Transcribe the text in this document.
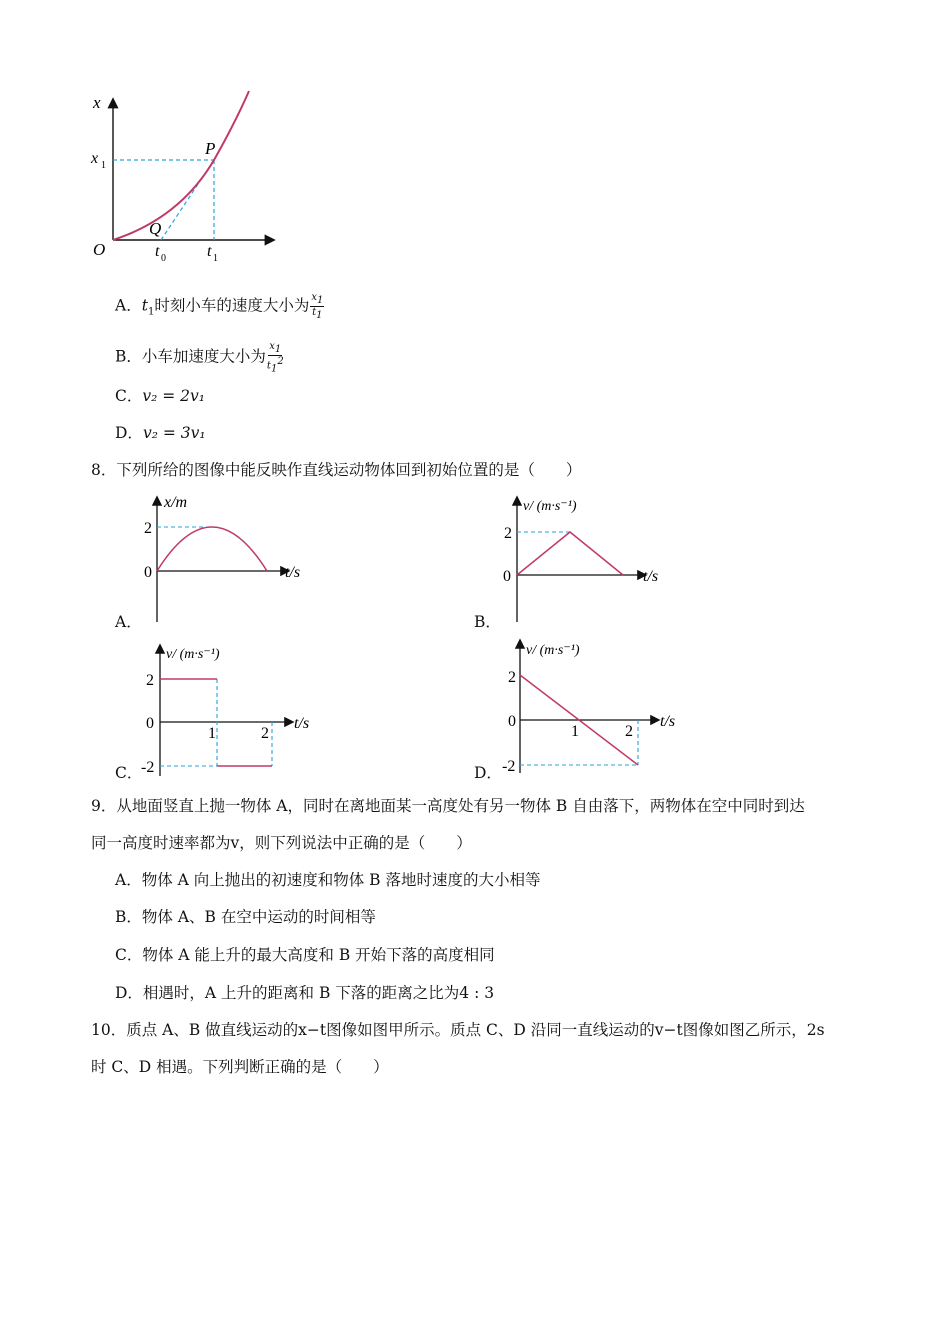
x
x 1
P
Q
O	t 0	t 1
A．$t_1$时刻小车的速度大小为 $\frac{x_1}{t_1}$
B．小车加速度大小为 $\frac{x_1}{t_1^2}$
C．v₂ = 2v₁
D．v₂ = 3v₁
8．下列所给的图像中能反映作直线运动物体回到初始位置的是（　　）
x/m
t/s
2
0
A．
v/ (m·s⁻¹)
t/s
2
0
B．
v/ (m·s⁻¹)
t/s
2
0
-2
1	2
C．
v/ (m·s⁻¹)
t/s
2
0
-2
1	2
D．
9．从地面竖直上抛一物体 A，同时在离地面某一高度处有另一物体 B 自由落下，两物体在空中同时到达
同一高度时速率都为v，则下列说法中正确的是（　　）
A．物体 A 向上抛出的初速度和物体 B 落地时速度的大小相等
B．物体 A、B 在空中运动的时间相等
C．物体 A 能上升的最大高度和 B 开始下落的高度相同
D．相遇时，A 上升的距离和 B 下落的距离之比为4 : 3
10．质点 A、B 做直线运动的x−t图像如图甲所示。质点 C、D 沿同一直线运动的v−t图像如图乙所示，2s
时 C、D 相遇。下列判断正确的是（　　）
